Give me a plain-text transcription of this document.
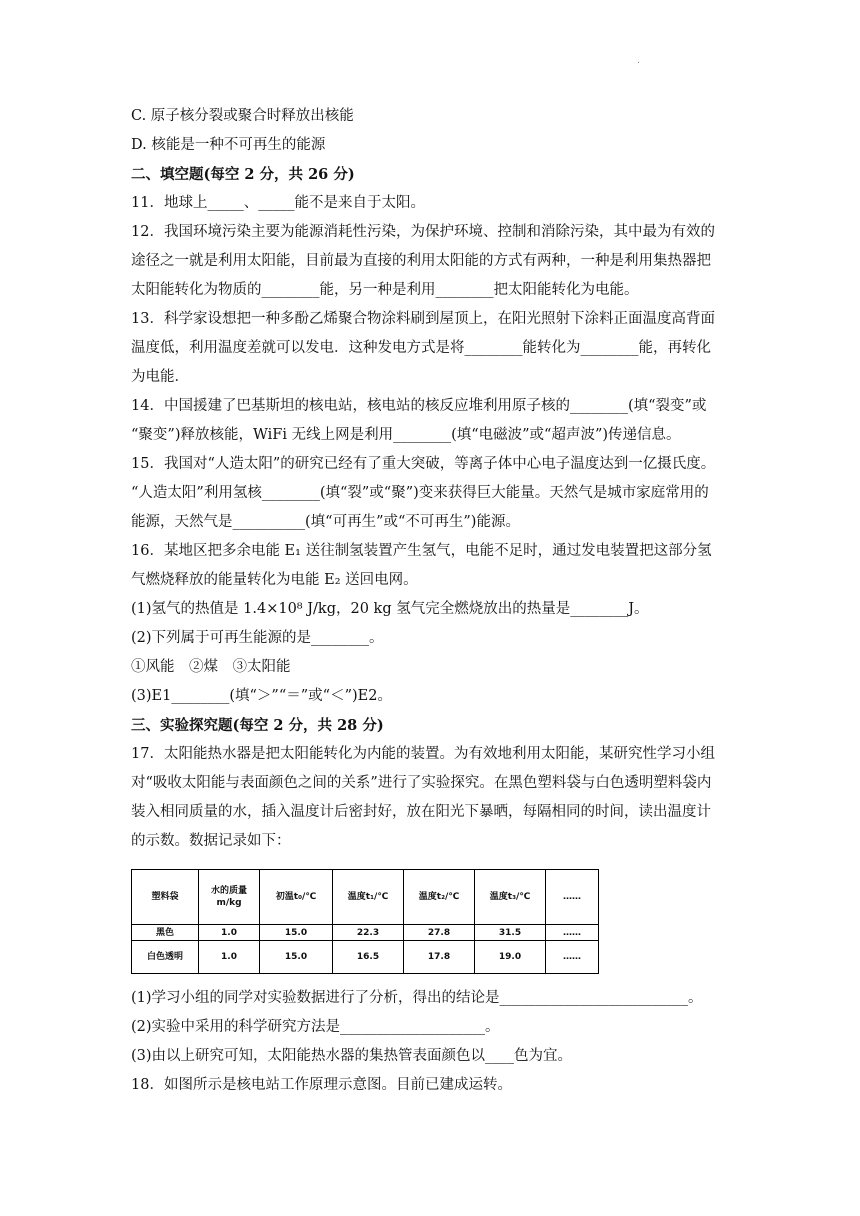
.
C. 原子核分裂或聚合时释放出核能
D. 核能是一种不可再生的能源
二、填空题(每空 2 分，共 26 分)
11．地球上_____、_____能不是来自于太阳。
12．我国环境污染主要为能源消耗性污染，为保护环境、控制和消除污染，其中最为有效的
途径之一就是利用太阳能，目前最为直接的利用太阳能的方式有两种，一种是利用集热器把
太阳能转化为物质的________能，另一种是利用________把太阳能转化为电能。
13．科学家设想把一种多酚乙烯聚合物涂料刷到屋顶上，在阳光照射下涂料正面温度高背面
温度低，利用温度差就可以发电．这种发电方式是将________能转化为________能，再转化
为电能．
14．中国援建了巴基斯坦的核电站，核电站的核反应堆利用原子核的________(填“裂变”或
“聚变”)释放核能，WiFi 无线上网是利用________(填“电磁波”或“超声波”)传递信息。
15．我国对“人造太阳”的研究已经有了重大突破，等离子体中心电子温度达到一亿摄氏度。
“人造太阳”利用氢核________(填“裂”或“聚”)变来获得巨大能量。天然气是城市家庭常用的
能源，天然气是__________(填“可再生”或“不可再生”)能源。
16．某地区把多余电能 E₁ 送往制氢装置产生氢气，电能不足时，通过发电装置把这部分氢
气燃烧释放的能量转化为电能 E₂ 送回电网。
(1)氢气的热值是 1.4×10⁸ J/kg，20 kg 氢气完全燃烧放出的热量是________J。
(2)下列属于可再生能源的是________。
①风能　②煤　③太阳能
(3)E1________(填“＞”“＝”或“＜”)E2。
三、实验探究题(每空 2 分，共 28 分)
17．太阳能热水器是把太阳能转化为内能的装置。为有效地利用太阳能，某研究性学习小组
对“吸收太阳能与表面颜色之间的关系”进行了实验探究。在黑色塑料袋与白色透明塑料袋内
装入相同质量的水，插入温度计后密封好，放在阳光下暴晒，每隔相同的时间，读出温度计
的示数。数据记录如下：
塑料袋	水的质量m/kg	初温t₀/℃	温度t₁/℃	温度t₂/℃	温度t₃/℃	……
黑色	1.0	15.0	22.3	27.8	31.5	……
白色透明	1.0	15.0	16.5	17.8	19.0	……
(1)学习小组的同学对实验数据进行了分析，得出的结论是__________________________。
(2)实验中采用的科学研究方法是____________________。
(3)由以上研究可知，太阳能热水器的集热管表面颜色以____色为宜。
18．如图所示是核电站工作原理示意图。目前已建成运转。
